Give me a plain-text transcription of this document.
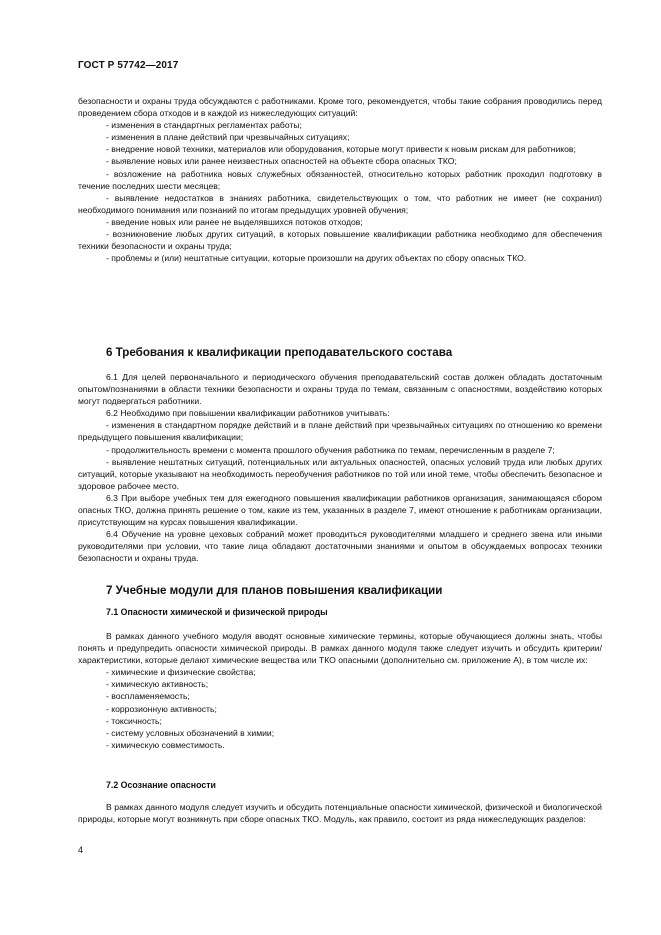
ГОСТ Р 57742—2017

безопасности и охраны труда обсуждаются с работниками. Кроме того, рекомендуется, чтобы такие собрания проводились перед проведением сбора отходов и в каждой из нижеследующих ситуаций:

- изменения в стандартных регламентах работы;

- изменения в плане действий при чрезвычайных ситуациях;

- внедрение новой техники, материалов или оборудования, которые могут привести к новым рискам для работников;

- выявление новых или ранее неизвестных опасностей на объекте сбора опасных ТКО;

- возложение на работника новых служебных обязанностей, относительно которых работник проходил подготовку в течение последних шести месяцев;

- выявление недостатков в знаниях работника, свидетельствующих о том, что работник не имеет (не сохранил) необходимого понимания или познаний по итогам предыдущих уровней обучения;

- введение новых или ранее не выделявшихся потоков отходов;

- возникновение любых других ситуаций, в которых повышение квалификации работника необходимо для обеспечения техники безопасности и охраны труда;

- проблемы и (или) нештатные ситуации, которые произошли на других объектах по сбору опасных ТКО.

6 Требования к квалификации преподавательского состава

6.1 Для целей первоначального и периодического обучения преподавательский состав должен обладать достаточным опытом/познаниями в области техники безопасности и охраны труда по темам, связанным с опасностями, воздействию которых могут подвергаться работники.

6.2 Необходимо при повышении квалификации работников учитывать:

- изменения в стандартном порядке действий и в плане действий при чрезвычайных ситуациях по отношению ко времени предыдущего повышения квалификации;

- продолжительность времени с момента прошлого обучения работника по темам, перечисленным в разделе 7;

- выявление нештатных ситуаций, потенциальных или актуальных опасностей, опасных условий труда или любых других ситуаций, которые указывают на необходимость переобучения работников по той или иной теме, чтобы обеспечить безопасное и здоровое рабочее место.

6.3 При выборе учебных тем для ежегодного повышения квалификации работников организация, занимающаяся сбором опасных ТКО, должна принять решение о том, какие из тем, указанных в разделе 7, имеют отношение к работникам организации, присутствующим на курсах повышения квалификации.

6.4 Обучение на уровне цеховых собраний может проводиться руководителями младшего и среднего звена или иными руководителями при условии, что такие лица обладают достаточными знаниями и опытом в обсуждаемых вопросах техники безопасности и охраны труда.

7 Учебные модули для планов повышения квалификации
7.1 Опасности химической и физической природы

В рамках данного учебного модуля вводят основные химические термины, которые обучающиеся должны знать, чтобы понять и предупредить опасности химической природы. В рамках данного модуля также следует изучить и обсудить критерии/характеристики, которые делают химические вещества или ТКО опасными (дополнительно см. приложение А), в том числе их:

- химические и физические свойства;

- химическую активность;

- воспламеняемость;

- коррозионную активность;

- токсичность;

- систему условных обозначений в химии;

- химическую совместимость.

7.2 Осознание опасности

В рамках данного модуля следует изучить и обсудить потенциальные опасности химической, физической и биологической природы, которые могут возникнуть при сборе опасных ТКО. Модуль, как правило, состоит из ряда нижеследующих разделов:

4
